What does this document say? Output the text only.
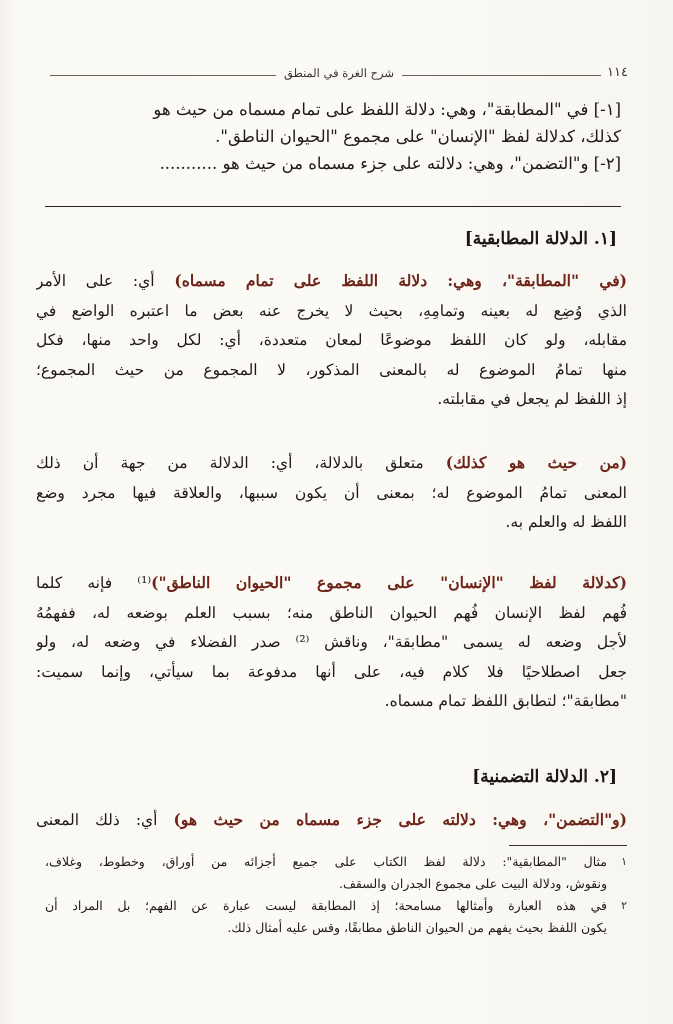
شرح الغرة في المنطق	١١٤
[١-] في "المطابقة"، وهي: دلالة اللفظ على تمام مسماه من حيث هو
كذلك، كدلالة لفظ "الإنسان" على مجموع "الحيوان الناطق".
[٢-] و"التضمن"، وهي: دلالته على جزء مسماه من حيث هو ...........
[١. الدلالة المطابقية]
(في "المطابقة"، وهي: دلالة اللفظ على تمام مسماه) أي: على الأمر
الذي وُضِع له بعينه وتمامِهِ، بحيث لا يخرج عنه بعض ما اعتبره الواضع في
مقابله، ولو كان اللفظ موضوعًا لمعان متعددة، أي: لكل واحد منها، فكل
منها تمامُ الموضوع له بالمعنى المذكور، لا المجموع من حيث المجموع؛
إذ اللفظ لم يجعل في مقابلته.
(من حيث هو كذلك) متعلق بالدلالة، أي: الدلالة من جهة أن ذلك
المعنى تمامُ الموضوع له؛ بمعنى أن يكون سببها، والعلاقة فيها مجرد وضع
اللفظ له والعلم به.
(كدلالة لفظ "الإنسان" على مجموع "الحيوان الناطق")⁽¹⁾ فإنه كلما
فُهم لفظ الإنسان فُهم الحيوان الناطق منه؛ بسبب العلم بوضعه له، ففهمُهُ
لأجل وضعه له يسمى "مطابقة"، وناقش ⁽²⁾ صدر الفضلاء في وضعه له، ولو
جعل اصطلاحيًا فلا كلام فيه، على أنها مدفوعة بما سيأتي، وإنما سميت:
"مطابقة"؛ لتطابق اللفظ تمام مسماه.
[٢. الدلالة التضمنية]
(و"التضمن"، وهي: دلالته على جزء مسماه من حيث هو) أي: ذلك المعنى
١
مثال "المطابقية": دلالة لفظ الكتاب على جميع أجزائه من أوراق، وخطوط، وغلاف،
ونقوش، ودلالة البيت على مجموع الجدران والسقف.
٢
في هذه العبارة وأمثالها مسامحة؛ إذ المطابقة ليست عبارة عن الفهم؛ بل المراد أن
يكون اللفظ بحيث يفهم من الحيوان الناطق مطابقًا، وقس عليه أمثال ذلك.
